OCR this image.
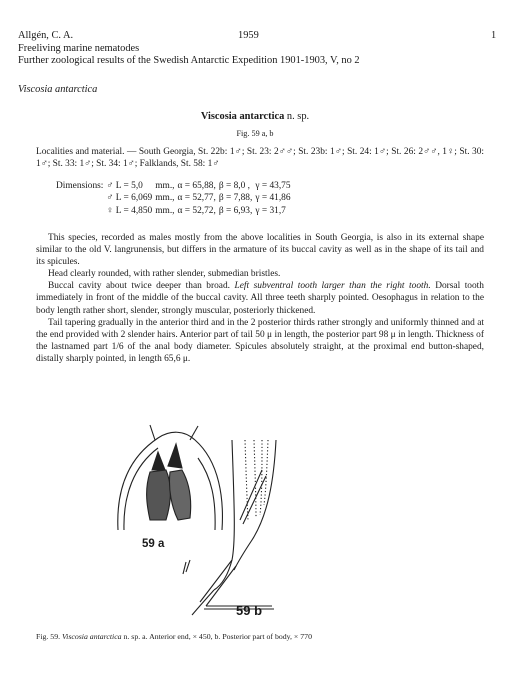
Allgén, C. A.
Freeliving marine nematodes
Further zoological results of the Swedish Antarctic Expedition 1901-1903, V, no 2
1959	1
Viscosia antarctica
Viscosia antarctica n. sp.
Fig. 59 a, b
Localities and material. — South Georgia, St. 22b: 1♂; St. 23: 2♂♂; St. 23b: 1♂; St. 24: 1♂; St. 26: 2♂♂, 1♀; St. 30: 1♂; St. 33: 1♂; St. 34: 1♂; Falklands, St. 58: 1♂
Dimensions:	♂ L = 5,0	mm.,	α = 65,88,	β = 8,0 ,	γ = 43,75
	♂ L = 6,069	mm.,	α = 52,77,	β = 7,88,	γ = 41,86
	♀ L = 4,850	mm.,	α = 52,72,	β = 6,93,	γ = 31,7

This species, recorded as males mostly from the above localities in South Georgia, is also in its external shape similar to the old V. langrunensis, but differs in the armature of its buccal cavity as well as in the shape of its tail and its spicules.

Head clearly rounded, with rather slender, submedian bristles.

Buccal cavity about twice deeper than broad. Left subventral tooth larger than the right tooth. Dorsal tooth immediately in front of the middle of the buccal cavity. All three teeth sharply pointed. Oesophagus in relation to the body length rather short, slender, strongly muscular, posteriorly thickened.

Tail tapering gradually in the anterior third and in the 2 posterior thirds rather strongly and uniformly thinned and at the end provided with 2 slender hairs. Anterior part of tail 50 μ in length, the posterior part 98 μ in length. Thickness of the lastnamed part 1/6 of the anal body diameter. Spicules absolutely straight, at the proximal end button-shaped, distally sharply pointed, in length 65,6 μ.

59 a
59 b
Fig. 59. Viscosia antarctica n. sp. a. Anterior end, × 450, b. Posterior part of body, × 770
